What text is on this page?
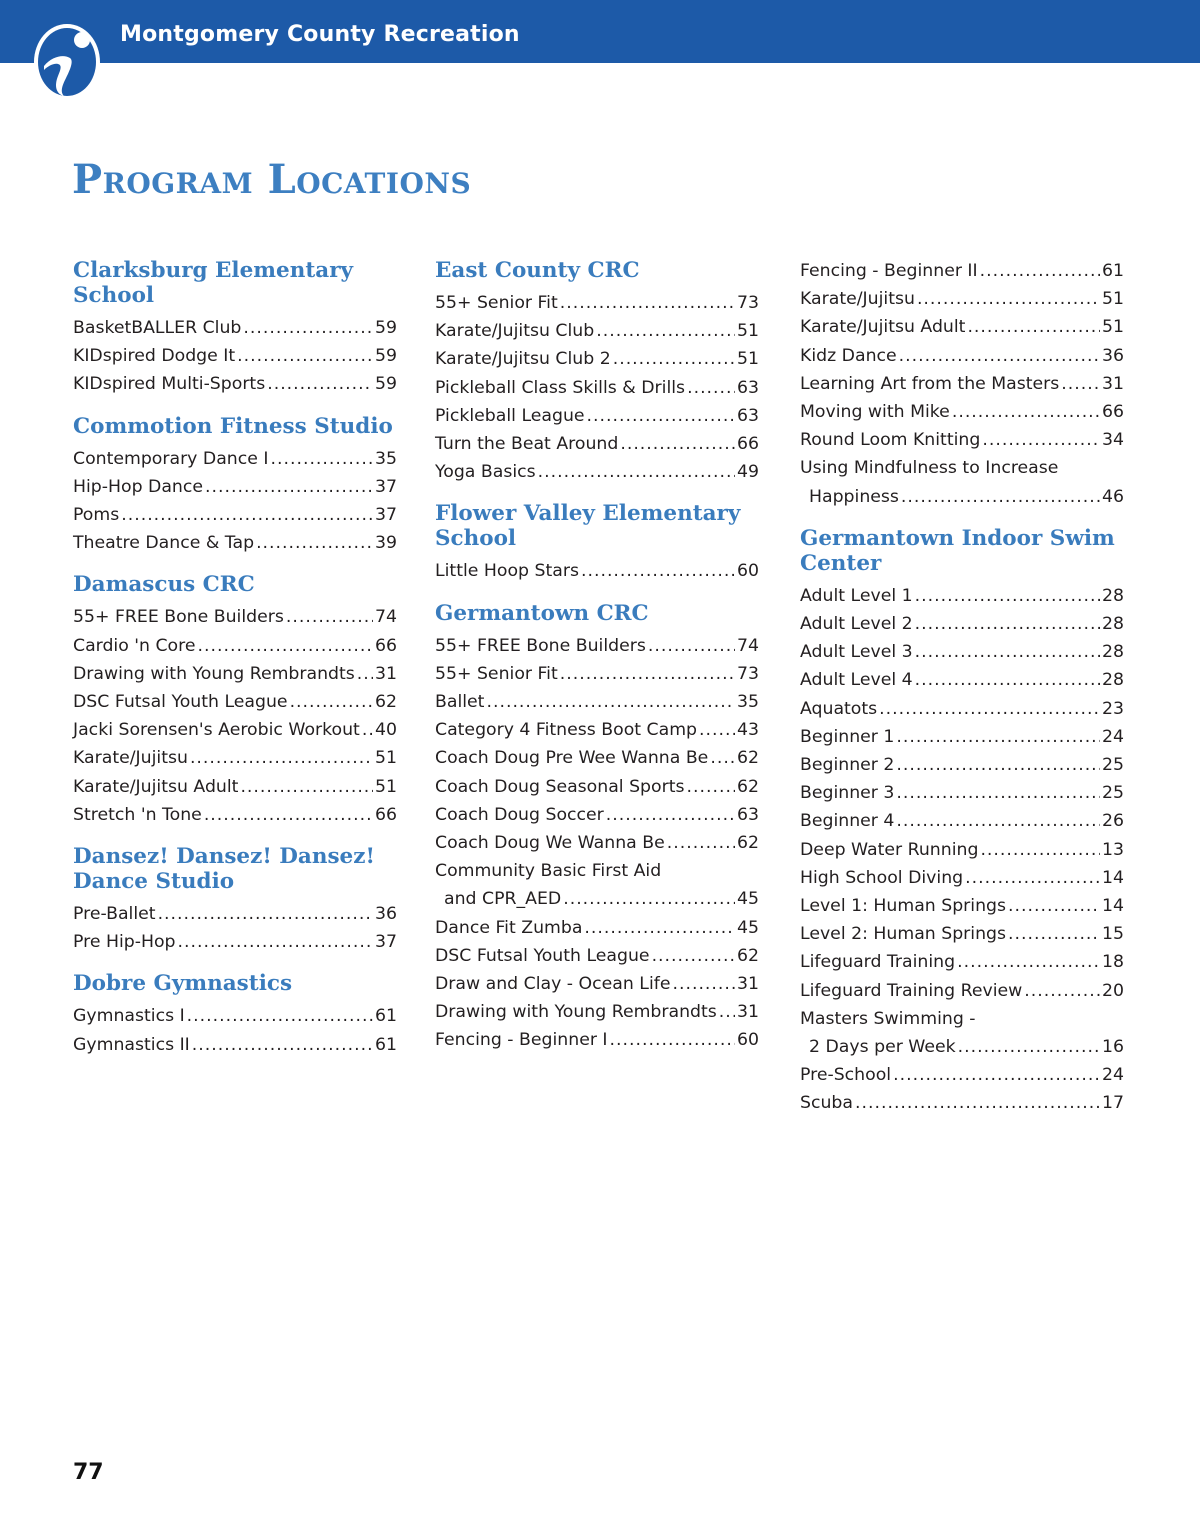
Montgomery County Recreation
Program Locations
Clarksburg Elementary School
BasketBALLER Club .....	59
KIDspired Dodge It .....	59
KIDspired Multi-Sports .....	59
Commotion Fitness Studio
Contemporary Dance I .....	35
Hip-Hop Dance .....	37
Poms .....	37
Theatre Dance & Tap .....	39
Damascus CRC
55+ FREE Bone Builders .....	74
Cardio 'n Core .....	66
Drawing with Young Rembrandts ..... 31
DSC Futsal Youth League .....	62
Jacki Sorensen's Aerobic Workout ..... 40
Karate/Jujitsu .....	51
Karate/Jujitsu Adult .....	51
Stretch 'n Tone .....	66
Dansez! Dansez! Dansez! Dance Studio
Pre-Ballet .....	36
Pre Hip-Hop .....	37
Dobre Gymnastics
Gymnastics I .....	61
Gymnastics II .....	61
East County CRC
55+ Senior Fit .....	73
Karate/Jujitsu Club .....	51
Karate/Jujitsu Club 2 .....	51
Pickleball Class Skills & Drills .....	63
Pickleball League .....	63
Turn the Beat Around .....	66
Yoga Basics .....	49
Flower Valley Elementary School
Little Hoop Stars .....	60
Germantown CRC
55+ FREE Bone Builders .....	74
55+ Senior Fit .....	73
Ballet .....	35
Category 4 Fitness Boot Camp ..... 43
Coach Doug Pre Wee Wanna Be ..... 62
Coach Doug Seasonal Sports .....	62
Coach Doug Soccer .....	63
Coach Doug We Wanna Be .....	62
Community Basic First Aid
and CPR_AED .....	45
Dance Fit Zumba .....	45
DSC Futsal Youth League .....	62
Draw and Clay - Ocean Life .....	31
Drawing with Young Rembrandts ..... 31
Fencing - Beginner I .....	60
Fencing - Beginner II .....	61
Karate/Jujitsu .....	51
Karate/Jujitsu Adult .....	51
Kidz Dance .....	36
Learning Art from the Masters ..... 31
Moving with Mike .....	66
Round Loom Knitting .....	34
Using Mindfulness to Increase
Happiness .....	46
Germantown Indoor Swim Center
Adult Level 1 .....	28
Adult Level 2 .....	28
Adult Level 3 .....	28
Adult Level 4 .....	28
Aquatots .....	23
Beginner 1 .....	24
Beginner 2 .....	25
Beginner 3 .....	25
Beginner 4 .....	26
Deep Water Running .....	13
High School Diving .....	14
Level 1: Human Springs .....	14
Level 2: Human Springs .....	15
Lifeguard Training .....	18
Lifeguard Training Review .....	20
Masters Swimming -
2 Days per Week .....	16
Pre-School .....	24
Scuba .....	17
77
